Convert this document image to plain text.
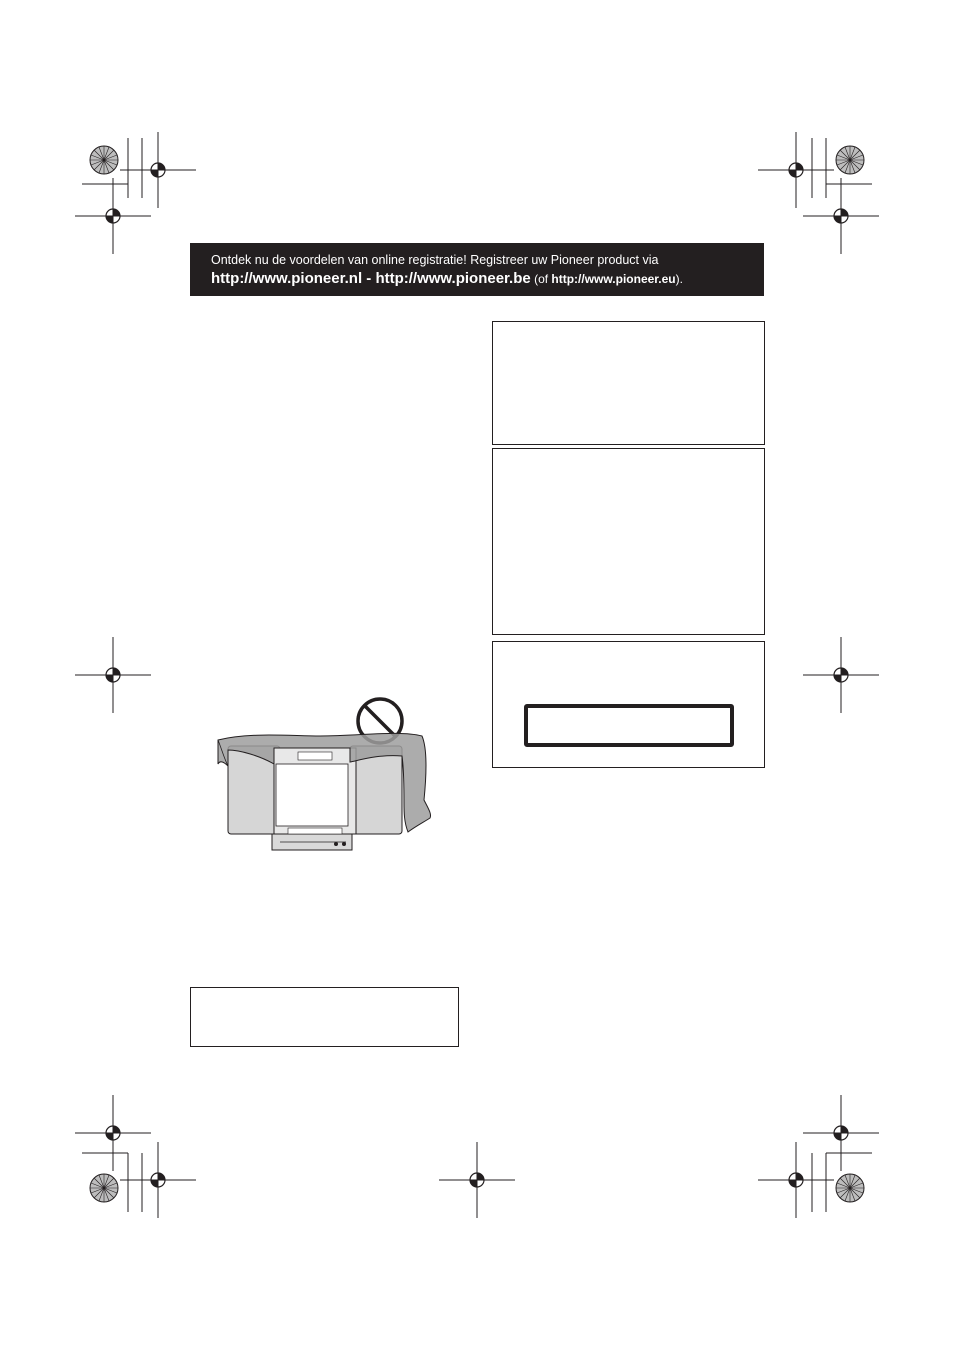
Ontdek nu de voordelen van online registratie! Registreer uw Pioneer product via
http://www.pioneer.nl - http://www.pioneer.be (of http://www.pioneer.eu).
